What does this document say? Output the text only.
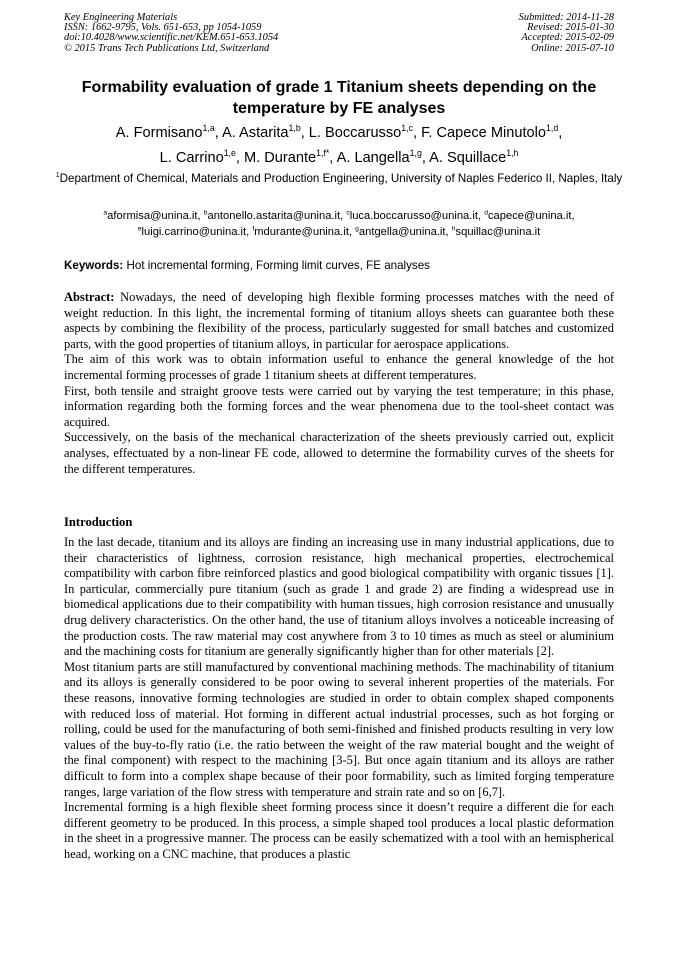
Key Engineering Materials
ISSN: 1662-9795, Vols. 651-653, pp 1054-1059
doi:10.4028/www.scientific.net/KEM.651-653.1054
© 2015 Trans Tech Publications Ltd, Switzerland
Submitted: 2014-11-28
Revised: 2015-01-30
Accepted: 2015-02-09
Online: 2015-07-10
Formability evaluation of grade 1 Titanium sheets depending on the
temperature by FE analyses
A. Formisano$^{1,a}$, A. Astarita$^{1,b}$, L. Boccarusso$^{1,c}$, F. Capece Minutolo$^{1,d}$,
L. Carrino$^{1,e}$, M. Durante$^{1,f*}$, A. Langella$^{1,g}$, A. Squillace$^{1,h}$
$^1$Department of Chemical, Materials and Production Engineering, University of Naples Federico II, Naples, Italy
$^a$aformisa@unina.it, $^b$antonello.astarita@unina.it, $^c$luca.boccarusso@unina.it, $^d$capece@unina.it,
$^e$luigi.carrino@unina.it, $^f$mdurante@unina.it, $^g$antgella@unina.it, $^h$squillac@unina.it
Keywords: Hot incremental forming, Forming limit curves, FE analyses

Abstract: Nowadays, the need of developing high flexible forming processes matches with the need of weight reduction. In this light, the incremental forming of titanium alloys sheets can guarantee both these aspects by combining the flexibility of the process, particularly suggested for small batches and customized parts, with the good properties of titanium alloys, in particular for aerospace applications.

The aim of this work was to obtain information useful to enhance the general knowledge of the hot incremental forming processes of grade 1 titanium sheets at different temperatures.

First, both tensile and straight groove tests were carried out by varying the test temperature; in this phase, information regarding both the forming forces and the wear phenomena due to the tool-sheet contact was acquired.

Successively, on the basis of the mechanical characterization of the sheets previously carried out, explicit analyses, effectuated by a non-linear FE code, allowed to determine the formability curves of the sheets for the different temperatures.

Introduction

In the last decade, titanium and its alloys are finding an increasing use in many industrial applications, due to their characteristics of lightness, corrosion resistance, high mechanical properties, electrochemical compatibility with carbon fibre reinforced plastics and good biological compatibility with organic tissues [1]. In particular, commercially pure titanium (such as grade 1 and grade 2) are finding a widespread use in biomedical applications due to their compatibility with human tissues, high corrosion resistance and unusually drug delivery characteristics. On the other hand, the use of titanium alloys involves a noticeable increasing of the production costs. The raw material may cost anywhere from 3 to 10 times as much as steel or aluminium and the machining costs for titanium are generally significantly higher than for other materials [2].

Most titanium parts are still manufactured by conventional machining methods. The machinability of titanium and its alloys is generally considered to be poor owing to several inherent properties of the materials. For these reasons, innovative forming technologies are studied in order to obtain complex shaped components with reduced loss of material. Hot forming in different actual industrial processes, such as hot forging or rolling, could be used for the manufacturing of both semi-finished and finished products resulting in very low values of the buy-to-fly ratio (i.e. the ratio between the weight of the raw material bought and the weight of the final component) with respect to the machining [3-5]. But once again titanium and its alloys are rather difficult to form into a complex shape because of their poor formability, such as limited forging temperature ranges, large variation of the flow stress with temperature and strain rate and so on [6,7].

Incremental forming is a high flexible sheet forming process since it doesn’t require a different die for each different geometry to be produced. In this process, a simple shaped tool produces a local plastic deformation in the sheet in a progressive manner. The process can be easily schematized with a tool with an hemispherical head, working on a CNC machine, that produces a plastic
